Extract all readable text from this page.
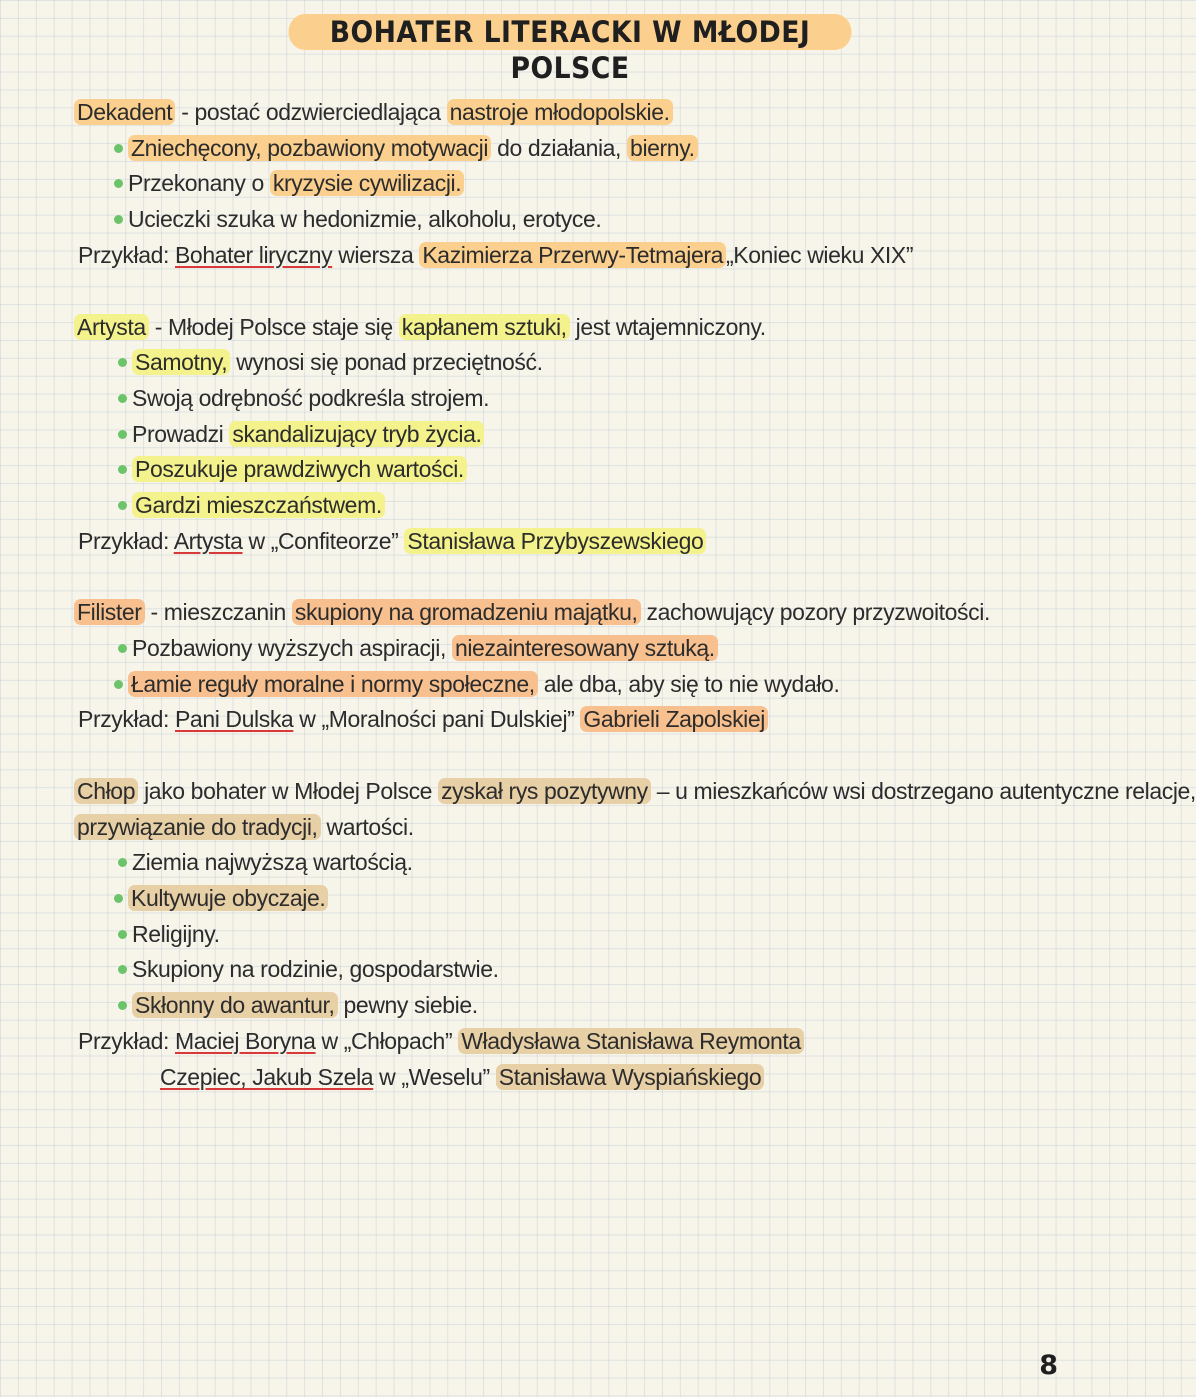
BOHATER LITERACKI W MŁODEJ POLSCE
Dekadent - postać odzwierciedlająca nastroje młodopolskie.
Zniechęcony, pozbawiony motywacji do działania, bierny.
Przekonany o kryzysie cywilizacji.
Ucieczki szuka w hedonizmie, alkoholu, erotyce.
Przykład: Bohater liryczny wiersza Kazimierza Przerwy-Tetmajera „Koniec wieku XIX”
Artysta - Młodej Polsce staje się kapłanem sztuki, jest wtajemniczony.
Samotny, wynosi się ponad przeciętność.
Swoją odrębność podkreśla strojem.
Prowadzi skandalizujący tryb życia.
Poszukuje prawdziwych wartości.
Gardzi mieszczaństwem.
Przykład: Artysta w „Confiteorze” Stanisława Przybyszewskiego
Filister - mieszczanin skupiony na gromadzeniu majątku, zachowujący pozory przyzwoitości.
Pozbawiony wyższych aspiracji, niezainteresowany sztuką.
Łamie reguły moralne i normy społeczne, ale dba, aby się to nie wydało.
Przykład: Pani Dulska w „Moralności pani Dulskiej” Gabrieli Zapolskiej
Chłop jako bohater w Młodej Polsce zyskał rys pozytywny – u mieszkańców wsi dostrzegano autentyczne relacje,
przywiązanie do tradycji, wartości.
Ziemia najwyższą wartością.
Kultywuje obyczaje.
Religijny.
Skupiony na rodzinie, gospodarstwie.
Skłonny do awantur, pewny siebie.
Przykład: Maciej Boryna w „Chłopach” Władysława Stanisława Reymonta
Czepiec, Jakub Szela w „Weselu” Stanisława Wyspiańskiego
8
